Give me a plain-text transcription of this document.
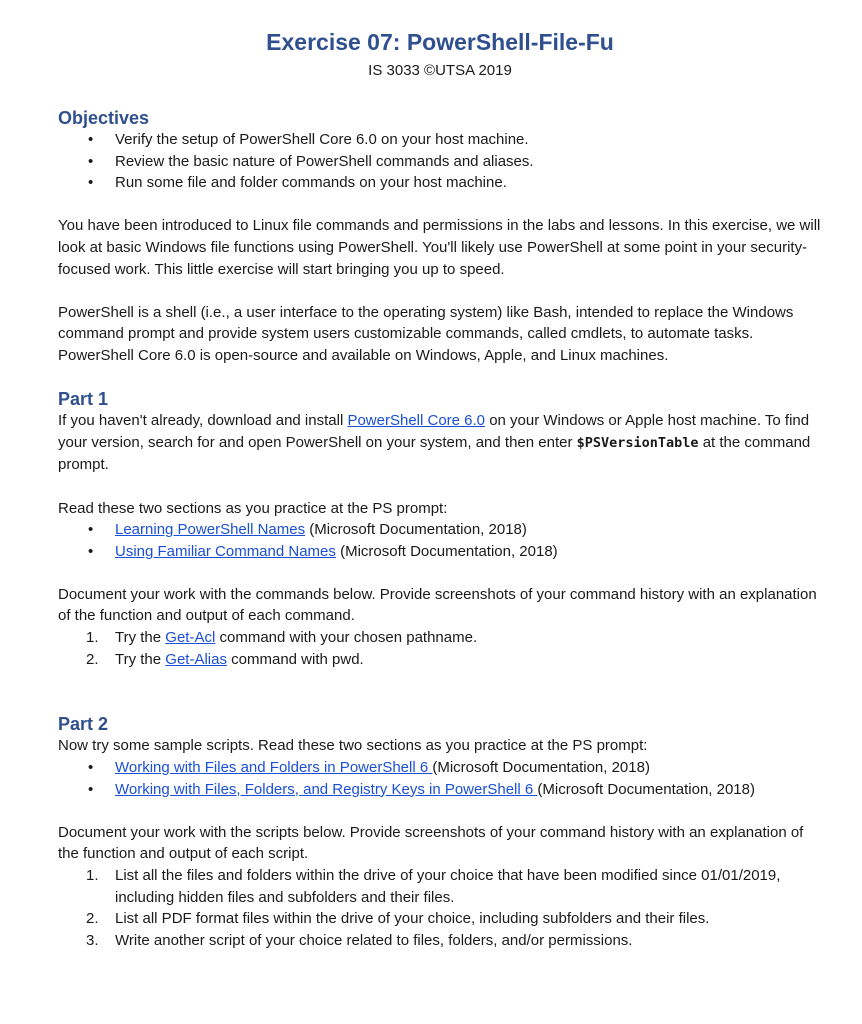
Exercise 07: PowerShell-File-Fu

IS 3033 ©UTSA 2019

Objectives
• Verify the setup of PowerShell Core 6.0 on your host machine.
• Review the basic nature of PowerShell commands and aliases.
• Run some file and folder commands on your host machine.

You have been introduced to Linux file commands and permissions in the labs and lessons. In this exercise, we will look at basic Windows file functions using PowerShell. You'll likely use PowerShell at some point in your security-focused work. This little exercise will start bringing you up to speed.

PowerShell is a shell (i.e., a user interface to the operating system) like Bash, intended to replace the Windows command prompt and provide system users customizable commands, called cmdlets, to automate tasks. PowerShell Core 6.0 is open-source and available on Windows, Apple, and Linux machines.

Part 1

If you haven't already, download and install PowerShell Core 6.0 on your Windows or Apple host machine. To find your version, search for and open PowerShell on your system, and then enter $PSVersionTable at the command prompt.

Read these two sections as you practice at the PS prompt:

• Learning PowerShell Names (Microsoft Documentation, 2018)
• Using Familiar Command Names (Microsoft Documentation, 2018)

Document your work with the commands below. Provide screenshots of your command history with an explanation of the function and output of each command.

1. Try the Get-Acl command with your chosen pathname.
2. Try the Get-Alias command with pwd.
Part 2

Now try some sample scripts. Read these two sections as you practice at the PS prompt:

• Working with Files and Folders in PowerShell 6 (Microsoft Documentation, 2018)
• Working with Files, Folders, and Registry Keys in PowerShell 6 (Microsoft Documentation, 2018)

Document your work with the scripts below. Provide screenshots of your command history with an explanation of the function and output of each script.

1. List all the files and folders within the drive of your choice that have been modified since 01/01/2019, including hidden files and subfolders and their files.
2. List all PDF format files within the drive of your choice, including subfolders and their files.
3. Write another script of your choice related to files, folders, and/or permissions.
